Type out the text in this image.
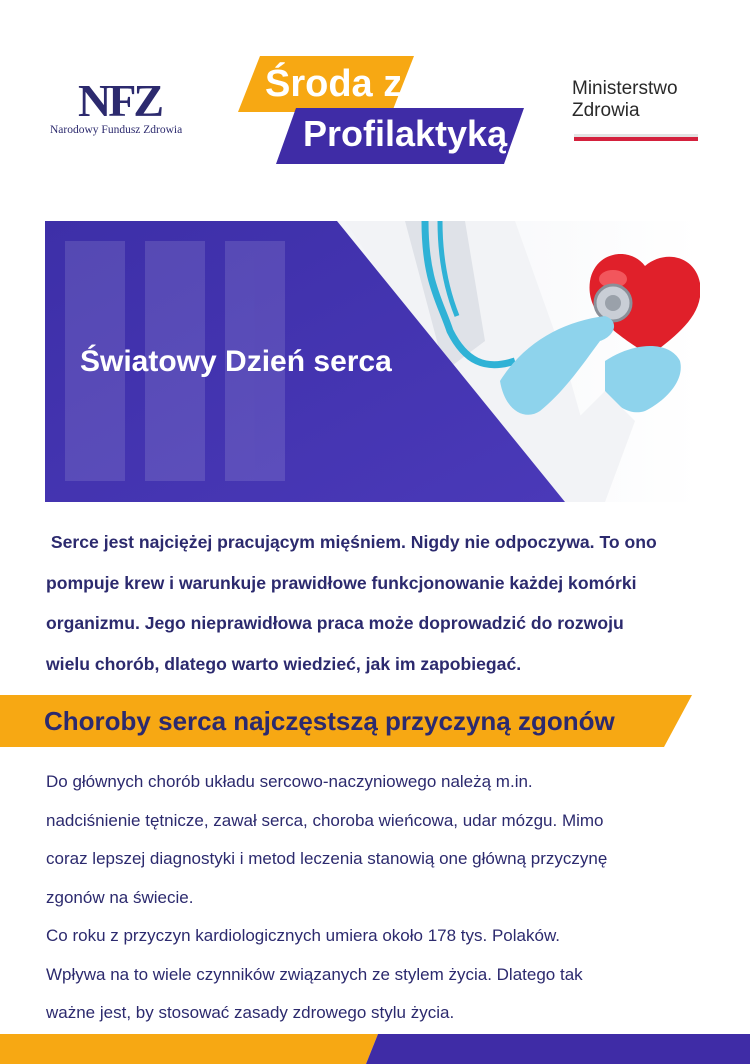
NFZ
Narodowy Fundusz Zdrowia
Środa z
Profilaktyką
Ministerstwo
Zdrowia
Światowy Dzień serca

Serce jest najciężej pracującym mięśniem. Nigdy nie odpoczywa. To ono

pompuje krew i warunkuje prawidłowe funkcjonowanie każdej komórki

organizmu. Jego nieprawidłowa praca może doprowadzić do rozwoju

wielu chorób, dlatego warto wiedzieć, jak im zapobiegać.

Choroby serca najczęstszą przyczyną zgonów

Do głównych chorób układu sercowo-naczyniowego należą m.in.

nadciśnienie tętnicze, zawał serca, choroba wieńcowa, udar mózgu. Mimo

coraz lepszej diagnostyki i metod leczenia stanowią one główną przyczynę

zgonów na świecie.

Co roku z przyczyn kardiologicznych umiera około 178 tys. Polaków.

Wpływa na to wiele czynników związanych ze stylem życia. Dlatego tak

ważne jest, by stosować zasady zdrowego stylu życia.
